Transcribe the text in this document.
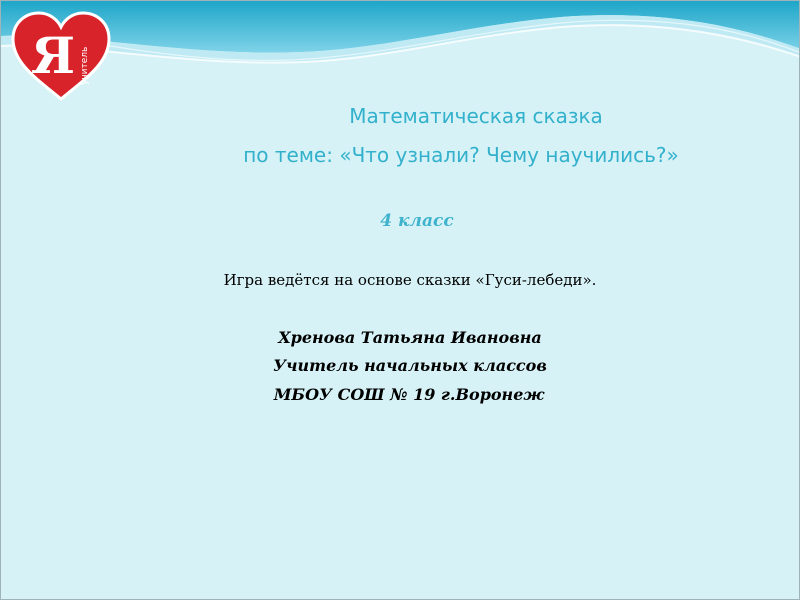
Я учитель
Математическая сказка
по теме: «Что узнали? Чему научились?»
4 класс
Игра ведётся на основе сказки «Гуси-лебеди».
Хренова Татьяна Ивановна
Учитель начальных классов
МБОУ СОШ № 19 г.Воронеж
